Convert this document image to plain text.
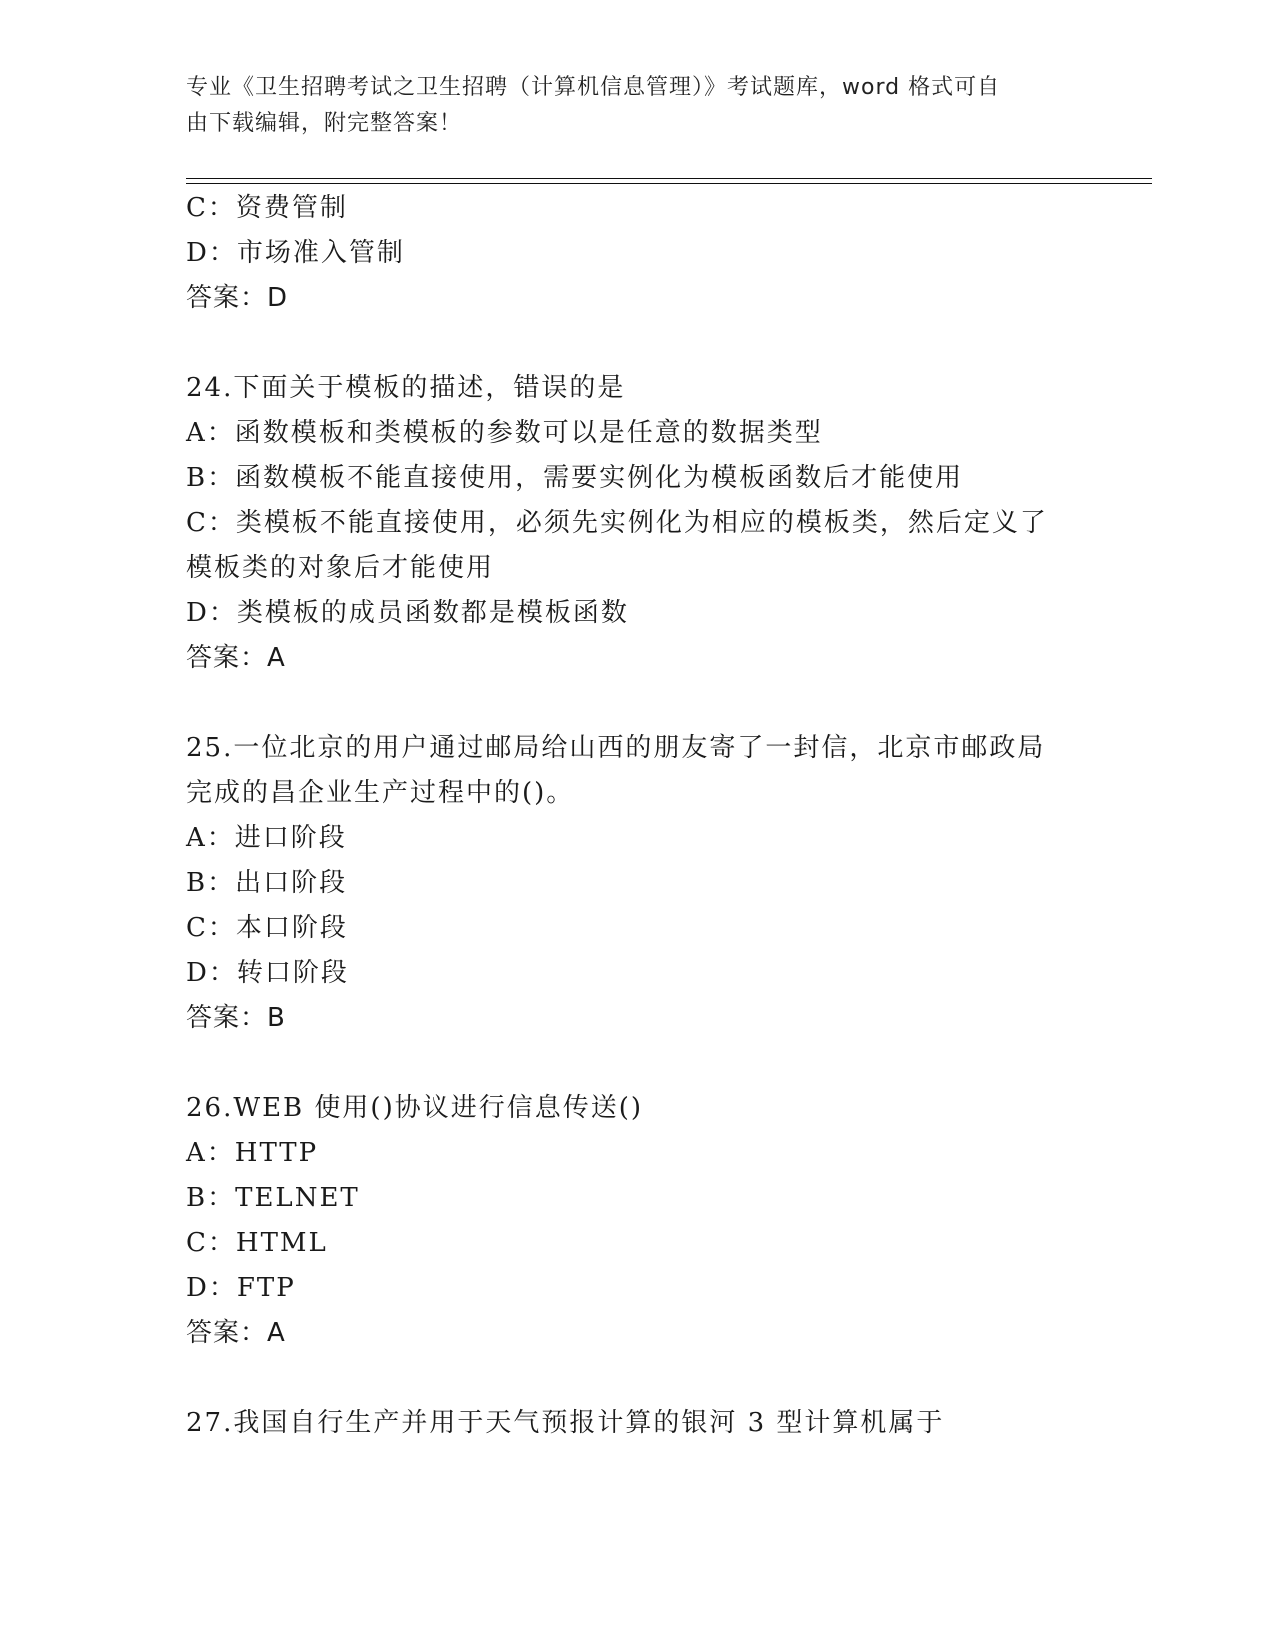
专业《卫生招聘考试之卫生招聘（计算机信息管理）》考试题库，word 格式可自
由下载编辑，附完整答案！
C：资费管制
D：市场准入管制
答案：D
24.下面关于模板的描述，错误的是
A：函数模板和类模板的参数可以是任意的数据类型
B：函数模板不能直接使用，需要实例化为模板函数后才能使用
C：类模板不能直接使用，必须先实例化为相应的模板类，然后定义了
模板类的对象后才能使用
D：类模板的成员函数都是模板函数
答案：A
25.一位北京的用户通过邮局给山西的朋友寄了一封信，北京市邮政局
完成的昌企业生产过程中的()。
A：进口阶段
B：出口阶段
C：本口阶段
D：转口阶段
答案：B
26.WEB 使用()协议进行信息传送()
A：HTTP
B：TELNET
C：HTML
D：FTP
答案：A
27.我国自行生产并用于天气预报计算的银河 3 型计算机属于
